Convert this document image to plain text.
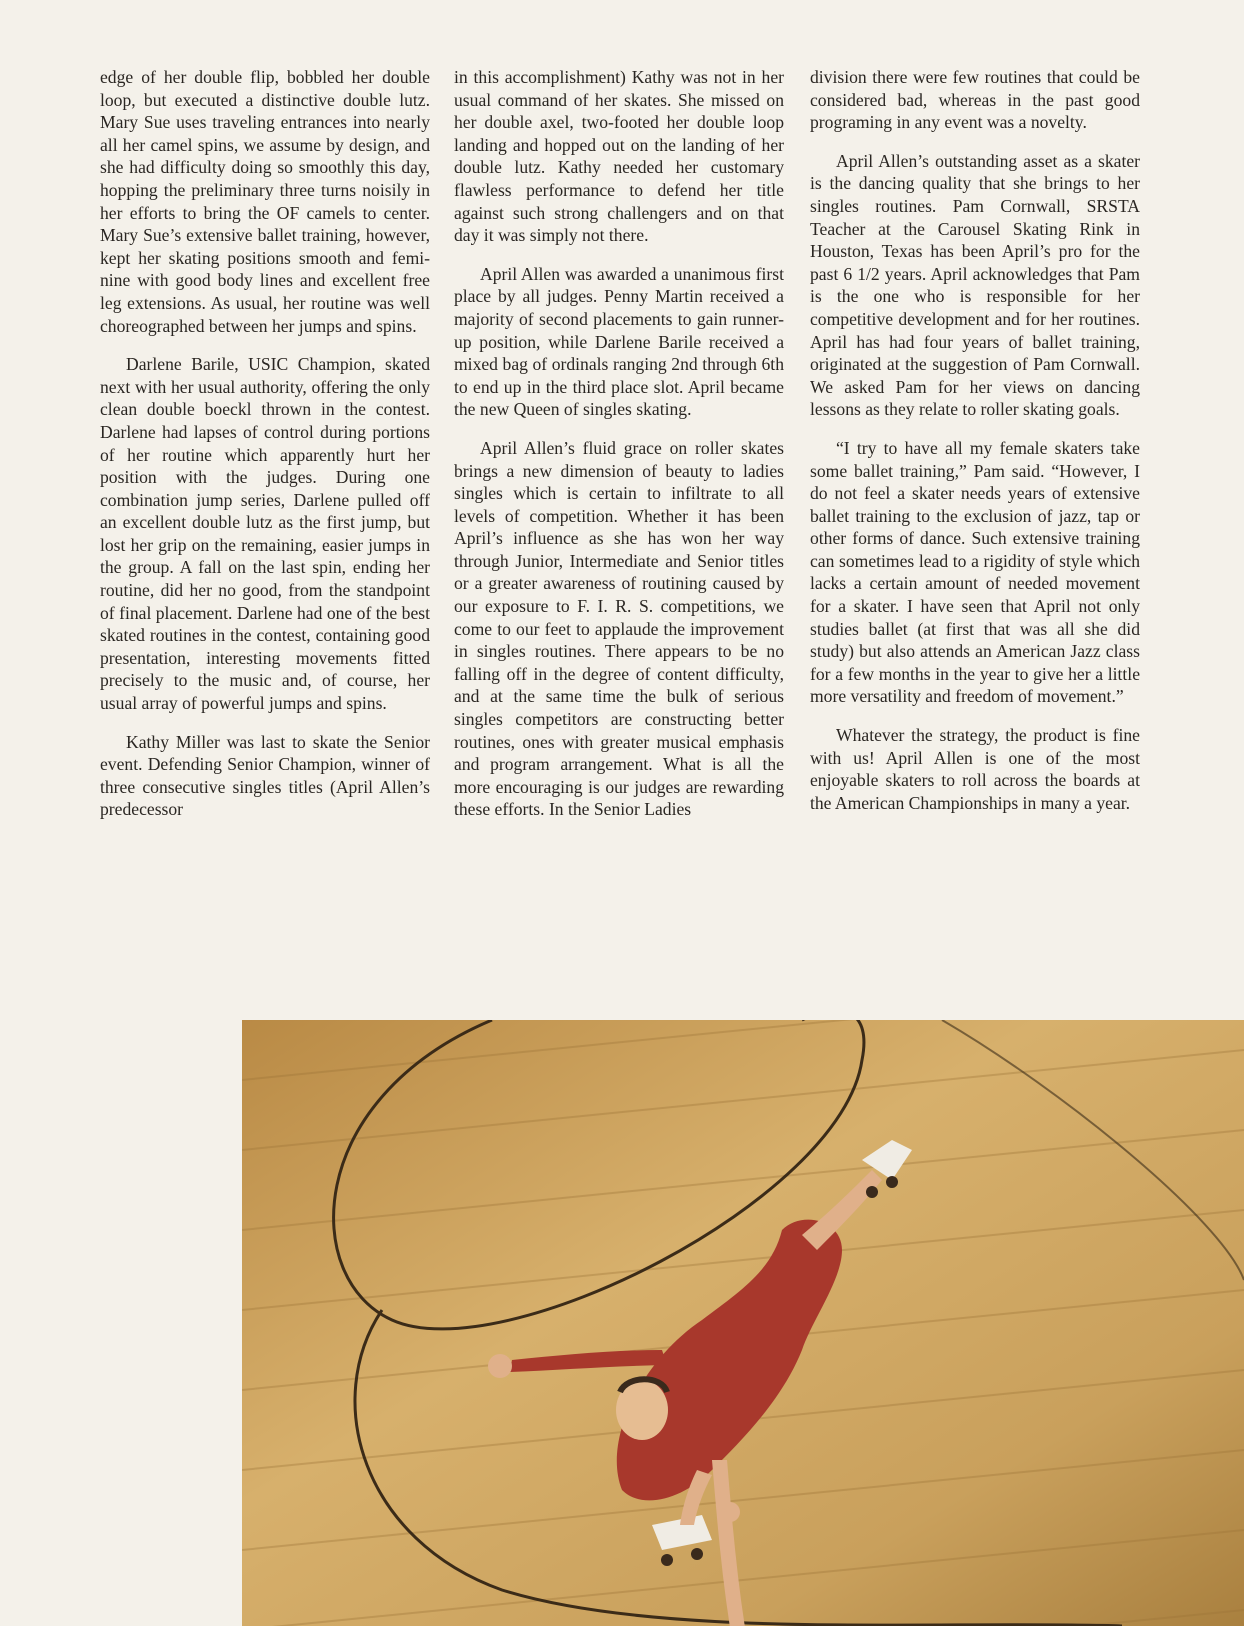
edge of her double flip, bobbled her double loop, but executed a distinctive double lutz. Mary Sue uses traveling entrances into nearly all her camel spins, we assume by design, and she had difficulty doing so smoothly this day, hopping the preliminary three turns noisily in her efforts to bring the OF camels to center. Mary Sue’s extensive ballet training, however, kept her skating positions smooth and feminine with good body lines and excellent free leg extensions. As usual, her routine was well choreographed between her jumps and spins.

Darlene Barile, USIC Champion, skated next with her usual authority, offering the only clean double boeckl thrown in the contest. Darlene had lapses of control during portions of her routine which apparently hurt her position with the judges. During one combination jump series, Darlene pulled off an excellent double lutz as the first jump, but lost her grip on the remaining, easier jumps in the group. A fall on the last spin, ending her routine, did her no good, from the standpoint of final placement. Darlene had one of the best skated routines in the contest, containing good presentation, interesting movements fitted precisely to the music and, of course, her usual array of powerful jumps and spins.

Kathy Miller was last to skate the Senior event. Defending Senior Champion, winner of three consecutive singles titles (April Allen’s predecessor

in this accomplishment) Kathy was not in her usual command of her skates. She missed on her double axel, two-footed her double loop landing and hopped out on the landing of her double lutz. Kathy needed her customary flawless performance to defend her title against such strong challengers and on that day it was simply not there.

April Allen was awarded a unanimous first place by all judges. Penny Martin received a majority of second placements to gain runner-up position, while Darlene Barile received a mixed bag of ordinals ranging 2nd through 6th to end up in the third place slot. April became the new Queen of singles skating.

April Allen’s fluid grace on roller skates brings a new dimension of beauty to ladies singles which is certain to infiltrate to all levels of competition. Whether it has been April’s influence as she has won her way through Junior, Intermediate and Senior titles or a greater awareness of routining caused by our exposure to F. I. R. S. competitions, we come to our feet to applaude the improvement in singles routines. There appears to be no falling off in the degree of content difficulty, and at the same time the bulk of serious singles competitors are constructing better routines, ones with greater musical emphasis and program arrangement. What is all the more encouraging is our judges are rewarding these efforts. In the Senior Ladies

division there were few routines that could be considered bad, whereas in the past good programing in any event was a novelty.

April Allen’s outstanding asset as a skater is the dancing quality that she brings to her singles routines. Pam Cornwall, SRSTA Teacher at the Carousel Skating Rink in Houston, Texas has been April’s pro for the past 6 1/2 years. April acknowledges that Pam is the one who is responsible for her competitive development and for her routines. April has had four years of ballet training, originated at the suggestion of Pam Cornwall. We asked Pam for her views on dancing lessons as they relate to roller skating goals.

“I try to have all my female skaters take some ballet training,” Pam said. “However, I do not feel a skater needs years of extensive ballet training to the exclusion of jazz, tap or other forms of dance. Such extensive training can sometimes lead to a rigidity of style which lacks a certain amount of needed movement for a skater. I have seen that April not only studies ballet (at first that was all she did study) but also attends an American Jazz class for a few months in the year to give her a little more versatility and freedom of movement.”

Whatever the strategy, the product is fine with us! April Allen is one of the most enjoyable skaters to roll across the boards at the American Championships in many a year.
